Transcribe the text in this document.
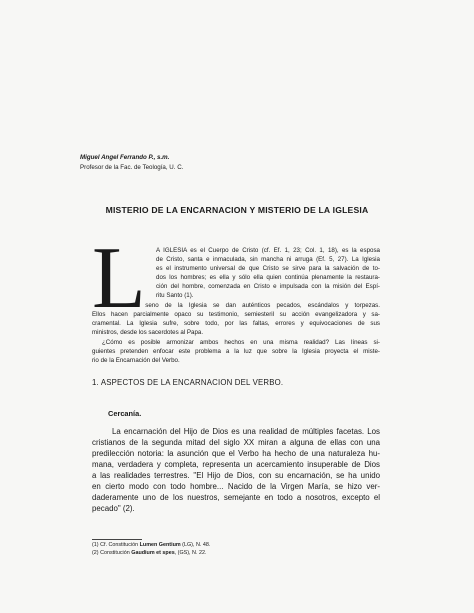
Miguel Angel Ferrando P., s.m.
Profesor de la Fac. de Teología, U. C.
MISTERIO DE LA ENCARNACION Y MISTERIO DE LA IGLESIA
L A IGLESIA es el Cuerpo de Cristo (cf. Ef. 1, 23; Col. 1, 18), es la esposa
de Cristo, santa e inmaculada, sin mancha ni arruga (Ef. 5, 27). La Iglesia
es el instrumento universal de que Cristo se sirve para la salvación de to-
dos los hombres; es ella y sólo ella quien continúa plenamente la restaura-
ción del hombre, comenzada en Cristo e impulsada con la misión del Espí-
ritu Santo (1).
Pero en el seno de la Iglesia se dan auténticos pecados, escándalos y torpezas.
Ellos hacen parcialmente opaco su testimonio, semiesteril su acción evangelizadora y sa-
cramental. La Iglesia sufre, sobre todo, por las faltas, errores y equivocaciones de sus
ministros, desde los sacerdotes al Papa.
¿Cómo es posible armonizar ambos hechos en una misma realidad? Las líneas si-
guientes pretenden enfocar este problema a la luz que sobre la Iglesia proyecta el miste-
rio de la Encarnación del Verbo.
1. ASPECTOS DE LA ENCARNACION DEL VERBO.
Cercanía.
La encarnación del Hijo de Dios es una realidad de múltiples facetas. Los
cristianos de la segunda mitad del siglo XX miran a alguna de ellas con una
predilección notoria: la asunción que el Verbo ha hecho de una naturaleza hu-
mana, verdadera y completa, representa un acercamiento insuperable de Dios
a las realidades terrestres. "El Hijo de Dios, con su encarnación, se ha unido
en cierto modo con todo hombre... Nacido de la Virgen María, se hizo ver-
daderamente uno de los nuestros, semejante en todo a nosotros, excepto el
pecado" (2).
(1) Cf. Constitución Lumen Gentium (LG), N. 48.
(2) Constitución Gaudium et spes, (GS), N. 22.
